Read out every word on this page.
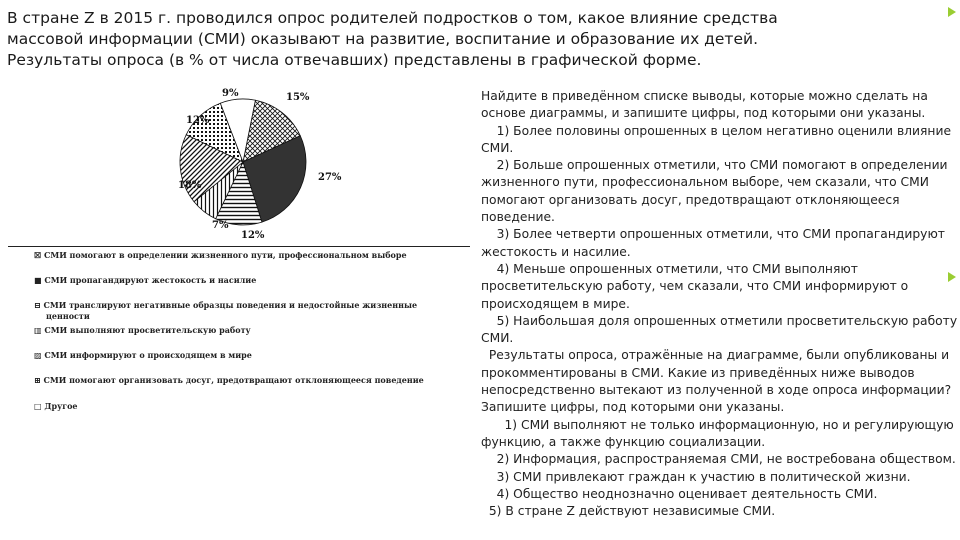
В стране Z в 2015 г. проводился опрос родителей подростков о том, какое влияние средства
массовой информации (СМИ) оказывают на развитие, воспитание и образование их детей.
Результаты опроса (в % от числа отвечавших) представлены в графической форме.
15%
27%
12%
7%
18%
12%
9%
☒ СМИ помогают в определении жизненного пути, профессиональном выборе
■ СМИ пропагандируют жестокость и насилие
⊟ СМИ транслируют негативные образцы поведения и недостойные жизненные
ценности
▥ СМИ выполняют просветительскую работу
▨ СМИ информируют о происходящем в мире
⊞ СМИ помогают организовать досуг, предотвращают отклоняющееся поведение
□ Другое
Найдите в приведённом списке выводы, которые можно сделать на
основе диаграммы, и запишите цифры, под которыми они указаны.
1) Более половины опрошенных в целом негативно оценили влияние
СМИ.
2) Больше опрошенных отметили, что СМИ помогают в определении
жизненного пути, профессиональном выборе, чем сказали, что СМИ
помогают организовать досуг, предотвращают отклоняющееся
поведение.
3) Более четверти опрошенных отметили, что СМИ пропагандируют
жестокость и насилие.
4) Меньше опрошенных отметили, что СМИ выполняют
просветительскую работу, чем сказали, что СМИ информируют о
происходящем в мире.
5) Наибольшая доля опрошенных отметили просветительскую работу
СМИ.
Результаты опроса, отражённые на диаграмме, были опубликованы и
прокомментированы в СМИ. Какие из приведённых ниже выводов
непосредственно вытекают из полученной в ходе опроса информации?
Запишите цифры, под которыми они указаны.
1) СМИ выполняют не только информационную, но и регулирующую
функцию, а также функцию социализации.
2) Информация, распространяемая СМИ, не востребована обществом.
3) СМИ привлекают граждан к участию в политической жизни.
4) Общество неоднозначно оценивает деятельность СМИ.
5) В стране Z действуют независимые СМИ.
